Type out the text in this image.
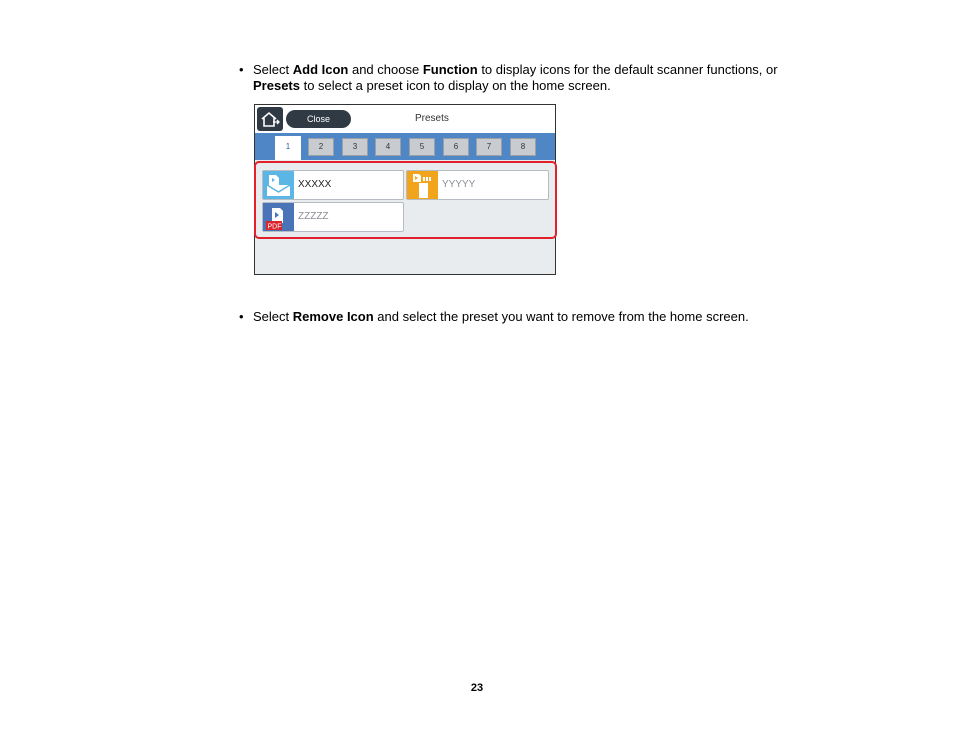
• Select Add Icon and choose Function to display icons for the default scanner functions, or Presets to select a preset icon to display on the home screen.
Close	Presets
1	2	3	4	5	6	7	8
XXXXX	YYYYY
PDF
ZZZZZ
• Select Remove Icon and select the preset you want to remove from the home screen.
23
